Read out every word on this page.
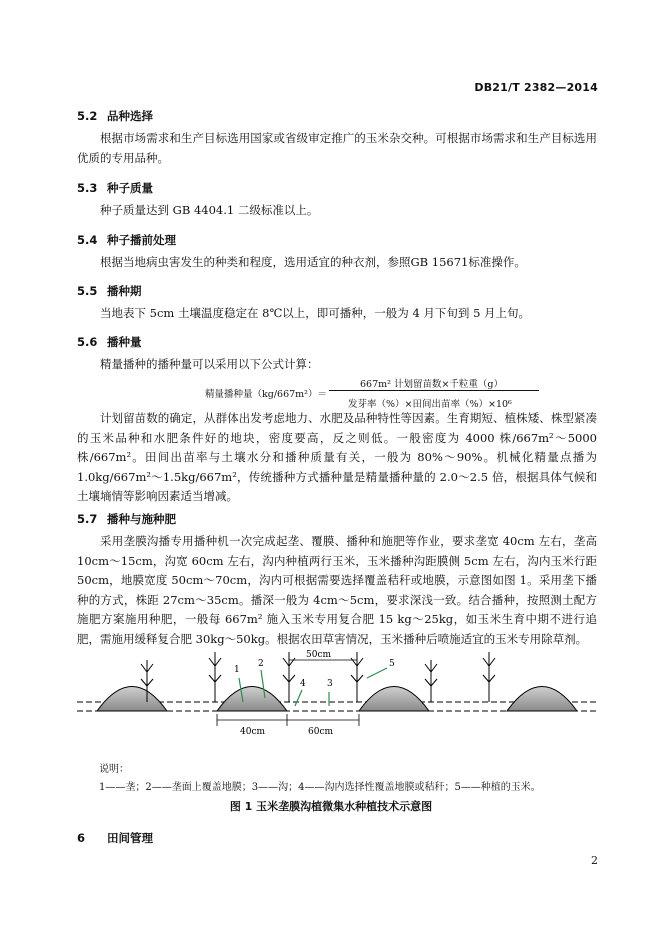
DB21/T 2382—2014
5.2 品种选择

根据市场需求和生产目标选用国家或省级审定推广的玉米杂交种。可根据市场需求和生产目标选用优质的专用品种。

5.3 种子质量

种子质量达到 GB 4404.1 二级标准以上。

5.4 种子播前处理

根据当地病虫害发生的种类和程度，选用适宜的种衣剂，参照GB 15671标准操作。

5.5 播种期

当地表下 5cm 土壤温度稳定在 8℃以上，即可播种，一般为 4 月下旬到 5 月上旬。

5.6 播种量

精量播种的播种量可以采用以下公式计算：

精量播种量（kg/667m²）＝
667m² 计划留苗数×千粒重（g）
发芽率（%）×田间出苗率（%）×10⁶

计划留苗数的确定，从群体出发考虑地力、水肥及品种特性等因素。生育期短、植株矮、株型紧凑的玉米品种和水肥条件好的地块，密度要高，反之则低。一般密度为 4000 株/667m²～5000 株/667m²。田间出苗率与土壤水分和播种质量有关，一般为 80%～90%。机械化精量点播为 1.0kg/667m²～1.5kg/667m²，传统播种方式播种量是精量播种量的 2.0～2.5 倍，根据具体气候和土壤墒情等影响因素适当增减。

5.7 播种与施种肥

采用垄膜沟播专用播种机一次完成起垄、覆膜、播种和施肥等作业，要求垄宽 40cm 左右，垄高 10cm～15cm，沟宽 60cm 左右，沟内种植两行玉米，玉米播种沟距膜侧 5cm 左右，沟内玉米行距 50cm，地膜宽度 50cm～70cm，沟内可根据需要选择覆盖秸秆或地膜，示意图如图 1。采用垄下播种的方式，株距 27cm～35cm。播深一般为 4cm～5cm，要求深浅一致。结合播种，按照测土配方施肥方案施用种肥，一般每 667m² 施入玉米专用复合肥 15 kg～25kg，如玉米生育中期不进行追肥，需施用缓释复合肥 30kg～50kg。根据农田草害情况，玉米播种后喷施适宜的玉米专用除草剂。

50cm
40cm	60cm
1
2
4 3
5
说明：
1——垄；2——垄面上覆盖地膜；3——沟；4——沟内选择性覆盖地膜或秸秆；5——种植的玉米。
图 1 玉米垄膜沟植微集水种植技术示意图
6 田间管理
2
